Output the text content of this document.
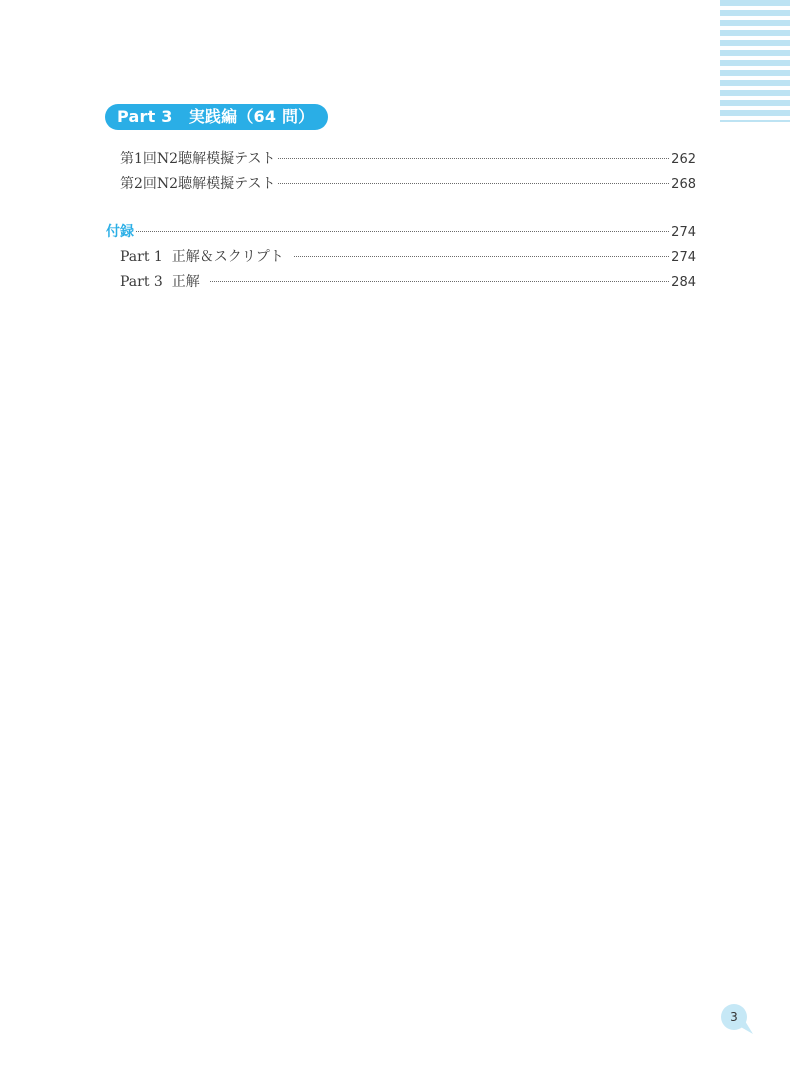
Part 3　実践編（64 問）
第1回N2聴解模擬テスト	262
第2回N2聴解模擬テスト	268
付録	274
Part 1  正解＆スクリプト	274
Part 3  正解	284
3
